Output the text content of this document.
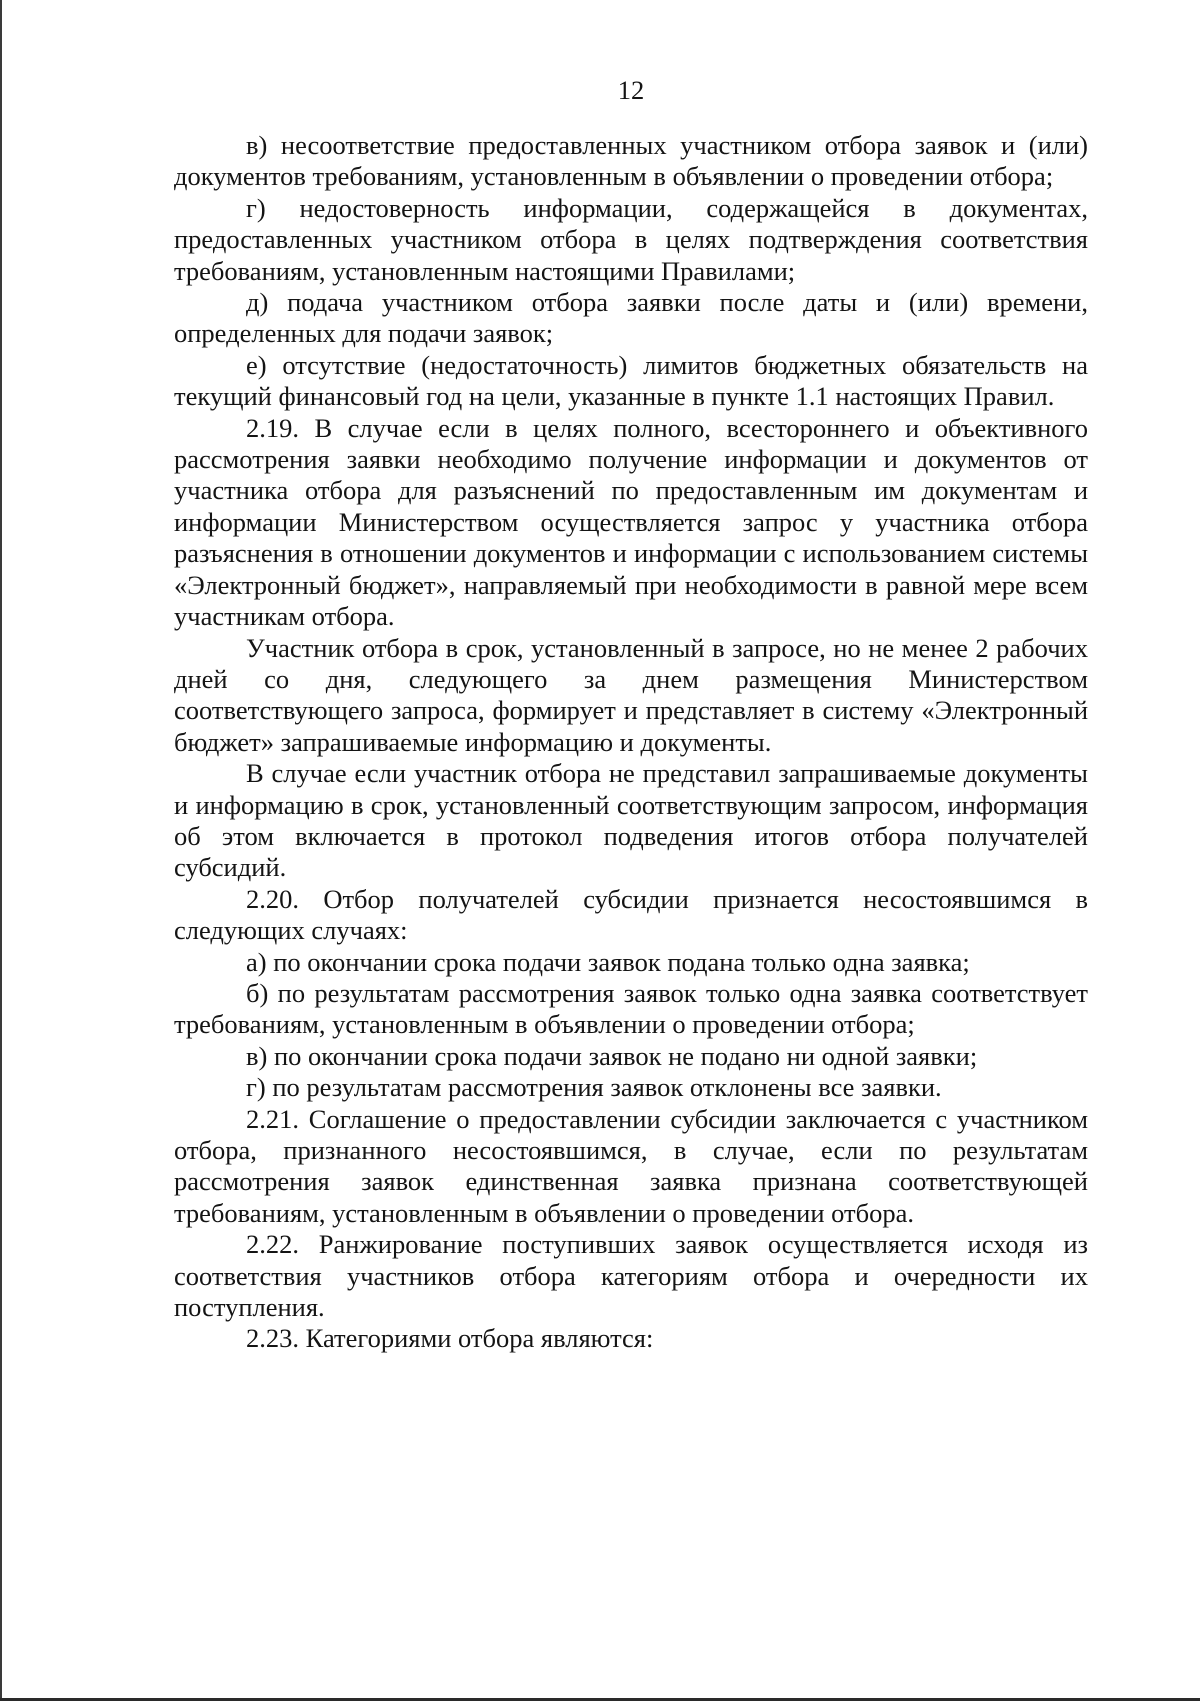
12

в) несоответствие предоставленных участником отбора заявок и (или) документов требованиям, установленным в объявлении о проведении отбора;

г) недостоверность информации, содержащейся в документах, предоставленных участником отбора в целях подтверждения соответствия требованиям, установленным настоящими Правилами;

д) подача участником отбора заявки после даты и (или) времени, определенных для подачи заявок;

е) отсутствие (недостаточность) лимитов бюджетных обязательств на текущий финансовый год на цели, указанные в пункте 1.1 настоящих Правил.

2.19. В случае если в целях полного, всестороннего и объективного рассмотрения заявки необходимо получение информации и документов от участника отбора для разъяснений по предоставленным им документам и информации Министерством осуществляется запрос у участника отбора разъяснения в отношении документов и информации с использованием системы «Электронный бюджет», направляемый при необходимости в равной мере всем участникам отбора.

Участник отбора в срок, установленный в запросе, но не менее 2 рабочих дней со дня, следующего за днем размещения Министерством соответствующего запроса, формирует и представляет в систему «Электронный бюджет» запрашиваемые информацию и документы.

В случае если участник отбора не представил запрашиваемые документы и информацию в срок, установленный соответствующим запросом, информация об этом включается в протокол подведения итогов отбора получателей субсидий.

2.20. Отбор получателей субсидии признается несостоявшимся в следующих случаях:

а) по окончании срока подачи заявок подана только одна заявка;

б) по результатам рассмотрения заявок только одна заявка соответствует требованиям, установленным в объявлении о проведении отбора;

в) по окончании срока подачи заявок не подано ни одной заявки;

г) по результатам рассмотрения заявок отклонены все заявки.

2.21. Соглашение о предоставлении субсидии заключается с участником отбора, признанного несостоявшимся, в случае, если по результатам рассмотрения заявок единственная заявка признана соответствующей требованиям, установленным в объявлении о проведении отбора.

2.22. Ранжирование поступивших заявок осуществляется исходя из соответствия участников отбора категориям отбора и очередности их поступления.

2.23. Категориями отбора являются:
